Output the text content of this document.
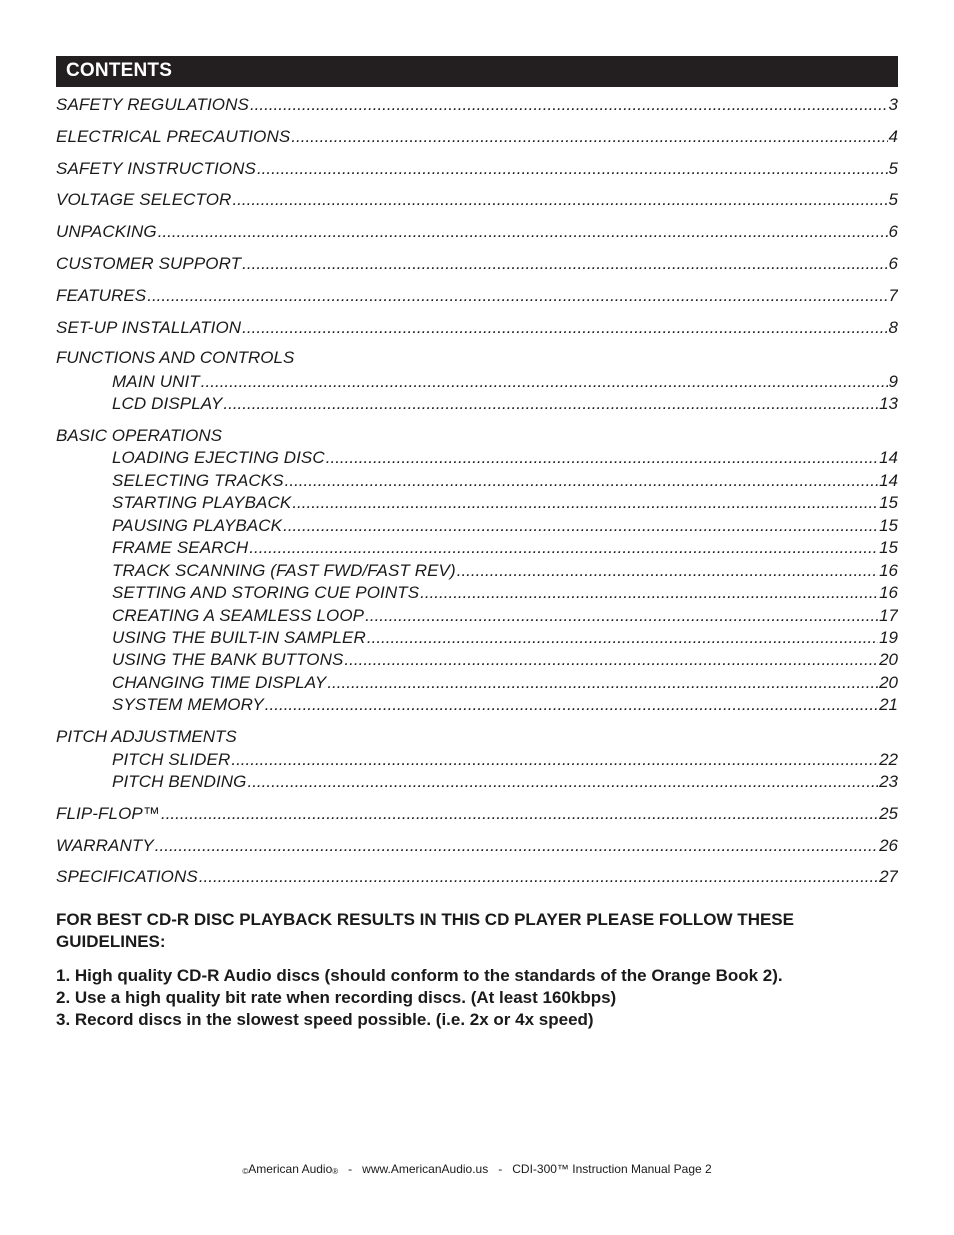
CONTENTS
SAFETY REGULATIONS .....	3
ELECTRICAL PRECAUTIONS .....	4
SAFETY INSTRUCTIONS .....	5
VOLTAGE SELECTOR .....	5
UNPACKING .....	6
CUSTOMER SUPPORT .....	6
FEATURES .....	7
SET-UP INSTALLATION .....	8
FUNCTIONS AND CONTROLS
MAIN UNIT .....	9
LCD DISPLAY .....	13
BASIC OPERATIONS
LOADING EJECTING DISC .....	14
SELECTING TRACKS .....	14
STARTING PLAYBACK .....	15
PAUSING PLAYBACK .....	15
FRAME SEARCH .....	15
TRACK SCANNING (FAST FWD/FAST REV) .....	16
SETTING AND STORING CUE POINTS .....	16
CREATING A SEAMLESS LOOP .....	17
USING THE BUILT-IN SAMPLER .....	19
USING THE BANK BUTTONS .....	20
CHANGING TIME DISPLAY .....	20
SYSTEM MEMORY .....	21
PITCH ADJUSTMENTS
PITCH SLIDER .....	22
PITCH BENDING .....	23
FLIP-FLOP™ .....	25
WARRANTY .....	26
SPECIFICATIONS .....	27
FOR BEST CD-R DISC PLAYBACK RESULTS IN THIS CD PLAYER PLEASE FOLLOW THESE GUIDELINES:
1. High quality CD-R Audio discs (should conform to the standards of the Orange Book 2).
2. Use a high quality bit rate when recording discs. (At least 160kbps)
3. Record discs in the slowest speed possible. (i.e. 2x or 4x speed)
©American Audio® - www.AmericanAudio.us - CDI-300™ Instruction Manual Page 2
